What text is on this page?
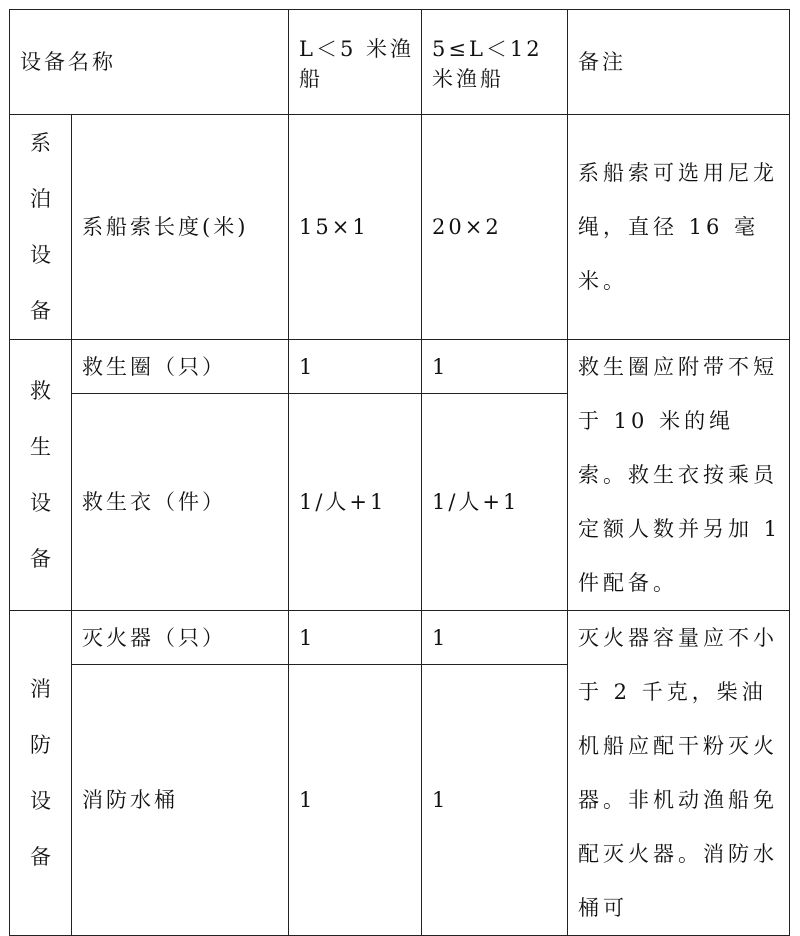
设备名称		L＜5 米渔船	5≤L＜12 米渔船	备注

系
泊
设
备	系船索长度(米)	15×1	20×2	系船索可选用尼龙绳，直径 16 毫米。

救
生
设
备	救生圈（只）	1	1	救生圈应附带不短于 10 米的绳索。救生衣按乘员定额人数并另加 1 件配备。
	救生衣（件）	1/人+1	1/人+1	

消
防
设
备	灭火器（只）	1	1	灭火器容量应不小于 2 千克，柴油机船应配干粉灭火器。非机动渔船免配灭火器。消防水桶可
	消防水桶	1	1	
